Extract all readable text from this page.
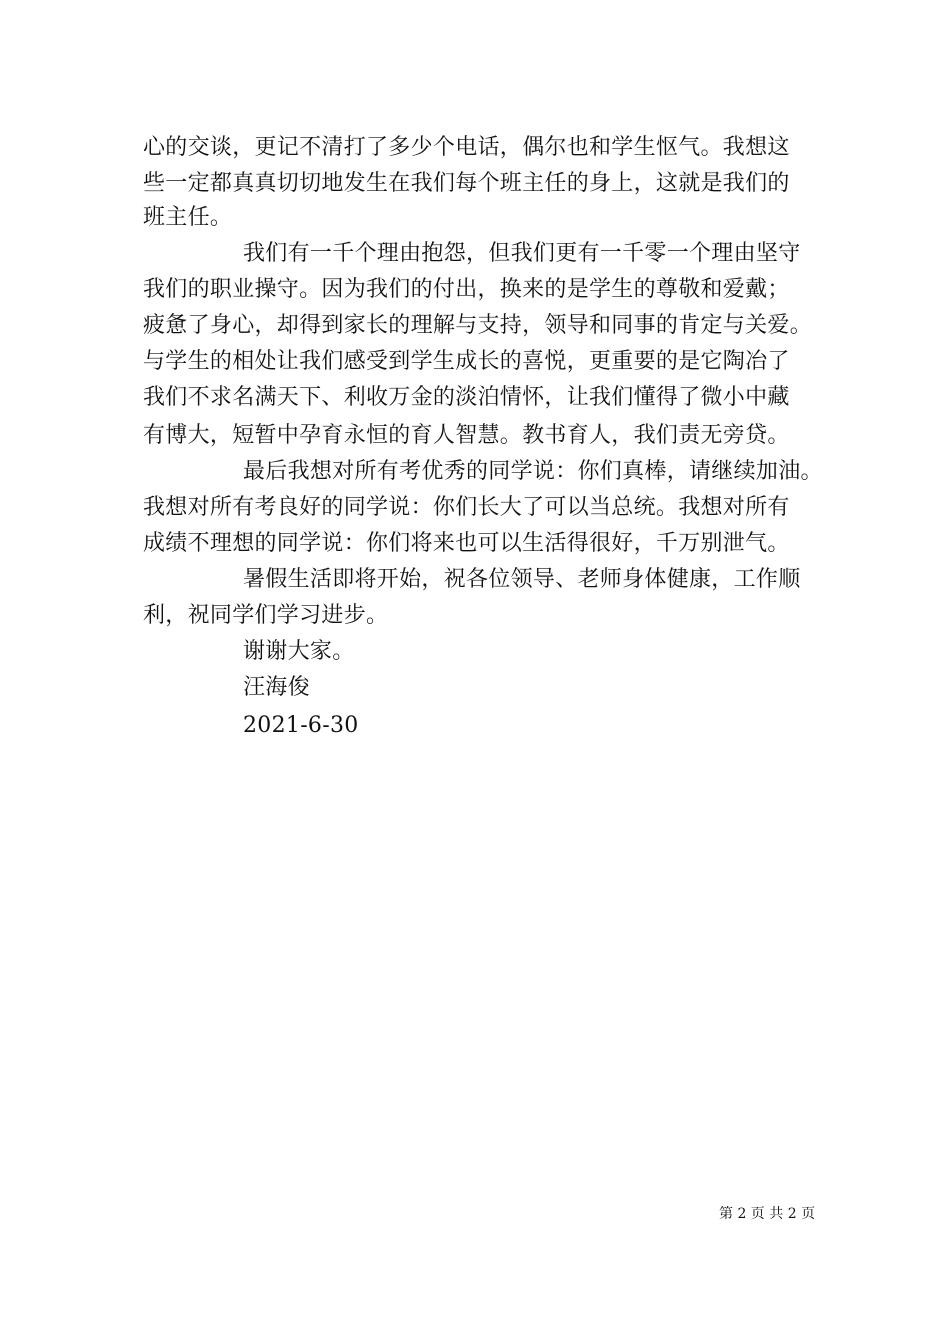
心的交谈，更记不清打了多少个电话，偶尔也和学生怄气。我想这
些一定都真真切切地发生在我们每个班主任的身上，这就是我们的
班主任。
我们有一千个理由抱怨，但我们更有一千零一个理由坚守
我们的职业操守。因为我们的付出，换来的是学生的尊敬和爱戴；
疲惫了身心，却得到家长的理解与支持，领导和同事的肯定与关爱。
与学生的相处让我们感受到学生成长的喜悦，更重要的是它陶冶了
我们不求名满天下、利收万金的淡泊情怀，让我们懂得了微小中藏
有博大，短暂中孕育永恒的育人智慧。教书育人，我们责无旁贷。
最后我想对所有考优秀的同学说：你们真棒，请继续加油。
我想对所有考良好的同学说：你们长大了可以当总统。我想对所有
成绩不理想的同学说：你们将来也可以生活得很好，千万别泄气。
暑假生活即将开始，祝各位领导、老师身体健康，工作顺
利，祝同学们学习进步。
谢谢大家。
汪海俊
2021-6-30
第 2 页 共 2 页
